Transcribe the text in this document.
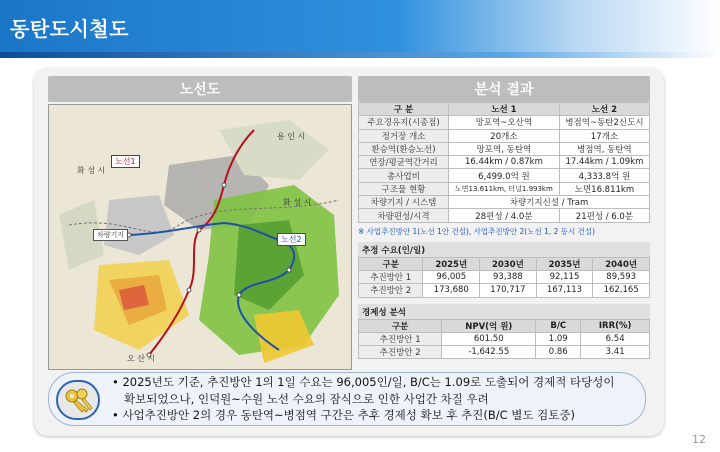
동탄도시철도
노선도	분석 결과
용 인 시
화 성 시
화 성 시
오 산 시
노선1
노선2
차량기지
구 분	노선 1	노선 2
주요경유지(시종점)	망포역~오산역	병점역~동탄2신도시
정거장 개소	20개소	17개소
환승역(환승노선)	망포역, 동탄역	병점역, 동탄역
연장/평균역간거리	16.44km / 0.87km	17.44km / 1.09km
총사업비	6,499.0억 원	4,333.8억 원
구조물 현황	노면13.611km, 터널1.993km	노면16.811km
차량기지 / 시스템	차량기지신설 / Tram	
차량편성/시격	28편성 / 4.0분	21편성 / 6.0분
※ 사업추진방안 1(노선 1안 건설), 사업추진방안 2(노선 1, 2 동시 건설)
추정 수요(인/일)
구분	2025년	2030년	2035년	2040년
추진방안 1	96,005	93,388	92,115	89,593
추진방안 2	173,680	170,717	167,113	162,165
경제성 분석
구분	NPV(억 원)	B/C	IRR(%)
추진방안 1	601.50	1.09	6.54
추진방안 2	-1,642.55	0.86	3.41
• 2025년도 기준, 추진방안 1의 1일 수요는 96,005인/일, B/C는 1.09로 도출되어 경제적 타당성이
확보되었으나, 인덕원~수원 노선 수요의 잠식으로 인한 사업간 차질 우려
• 사업추진방안 2의 경우 동탄역~병점역 구간은 추후 경제성 확보 후 추진(B/C 별도 검토중)
12
